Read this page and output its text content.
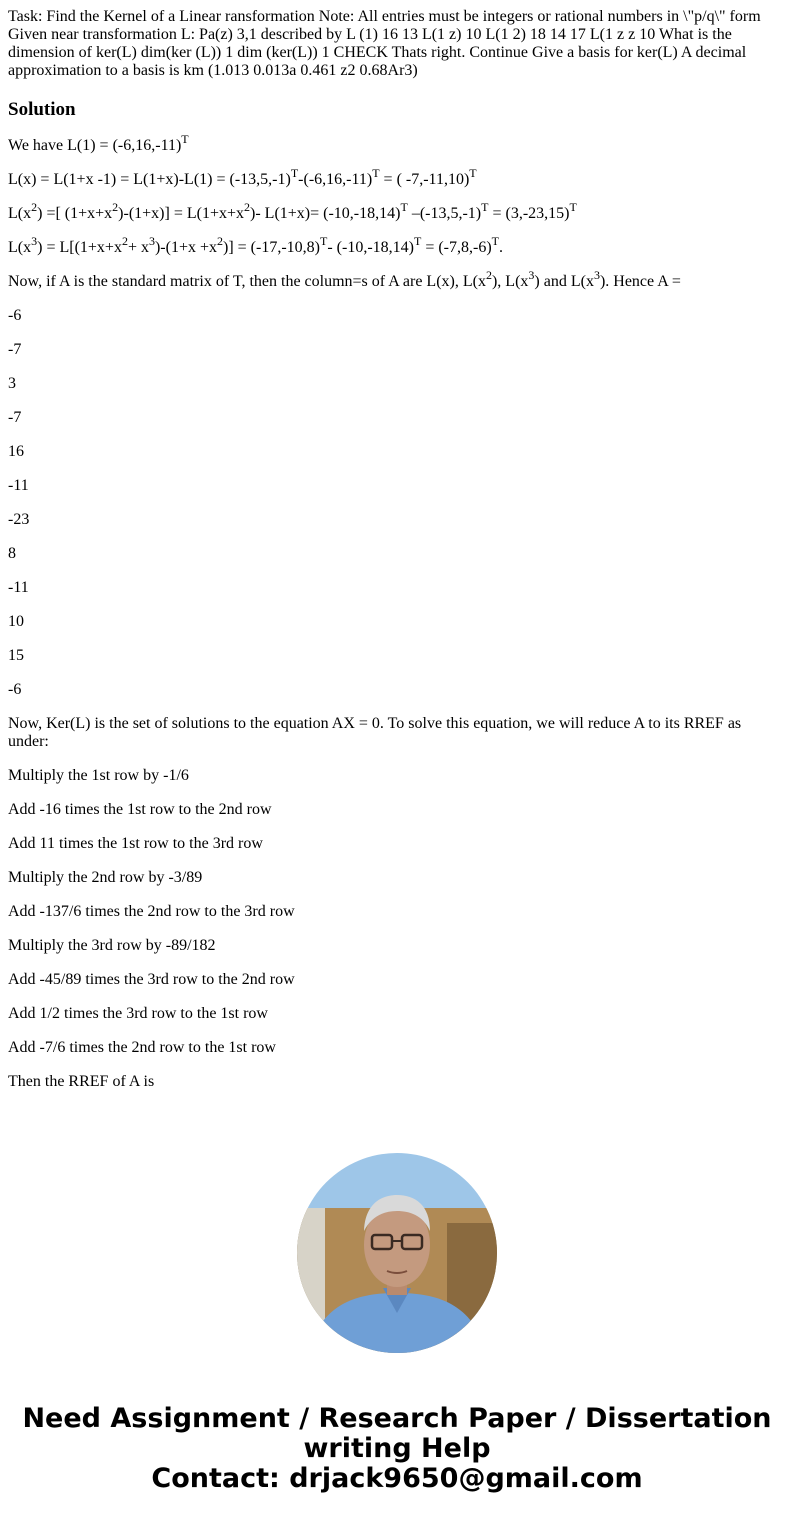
Task: Find the Kernel of a Linear ransformation Note: All entries must be integers or rational numbers in \"p/q\" form Given near transformation L: Pa(z) 3,1 described by L (1) 16 13 L(1 z) 10 L(1 2) 18 14 17 L(1 z z 10 What is the dimension of ker(L) dim(ker (L)) 1 dim (ker(L)) 1 CHECK Thats right. Continue Give a basis for ker(L) A decimal approximation to a basis is km (1.013 0.013a 0.461 z2 0.68Ar3)
Solution

We have $L(1) = (-6,16,-11)^T$

L(x) = L(1+x $-1) = L(1+x)-L(1) = (-13,5,-1)^T-(-6,16,-11)^T$ = ( -7,-11,10)$^T$

$L(x^2)$ =[ $(1+x+x^2)-(1+x)] = L(1+x+x^2)-$ $L(1+x)= (-10,-18,14)^T$ $-(-13,5,-1)^T = (3,-23,15)^T$

$L(x^3) = L[(1+x+x^2+ x^3)-(1+x +x^2)] = (-17,-10,8)^T-$ $(-10,-18,14)^T = (-7,8,-6)^T$.

Now, if A is the standard matrix of T, then the column=s of A are L(x), $L(x^2)$, $L(x^3)$ and $L(x^3)$. Hence A =

-6

-7

3

-7

16

-11

-23

8

-11

10

15

-6

Now, Ker(L) is the set of solutions to the equation AX = 0. To solve this equation, we will reduce A to its RREF as under:

Multiply the 1st row by -1/6

Add -16 times the 1st row to the 2nd row

Add 11 times the 1st row to the 3rd row

Multiply the 2nd row by -3/89

Add -137/6 times the 2nd row to the 3rd row

Multiply the 3rd row by -89/182

Add -45/89 times the 3rd row to the 2nd row

Add 1/2 times the 3rd row to the 1st row

Add -7/6 times the 2nd row to the 1st row

Then the RREF of A is

Need Assignment / Research Paper / Dissertation
writing Help
Contact: drjack9650@gmail.com
